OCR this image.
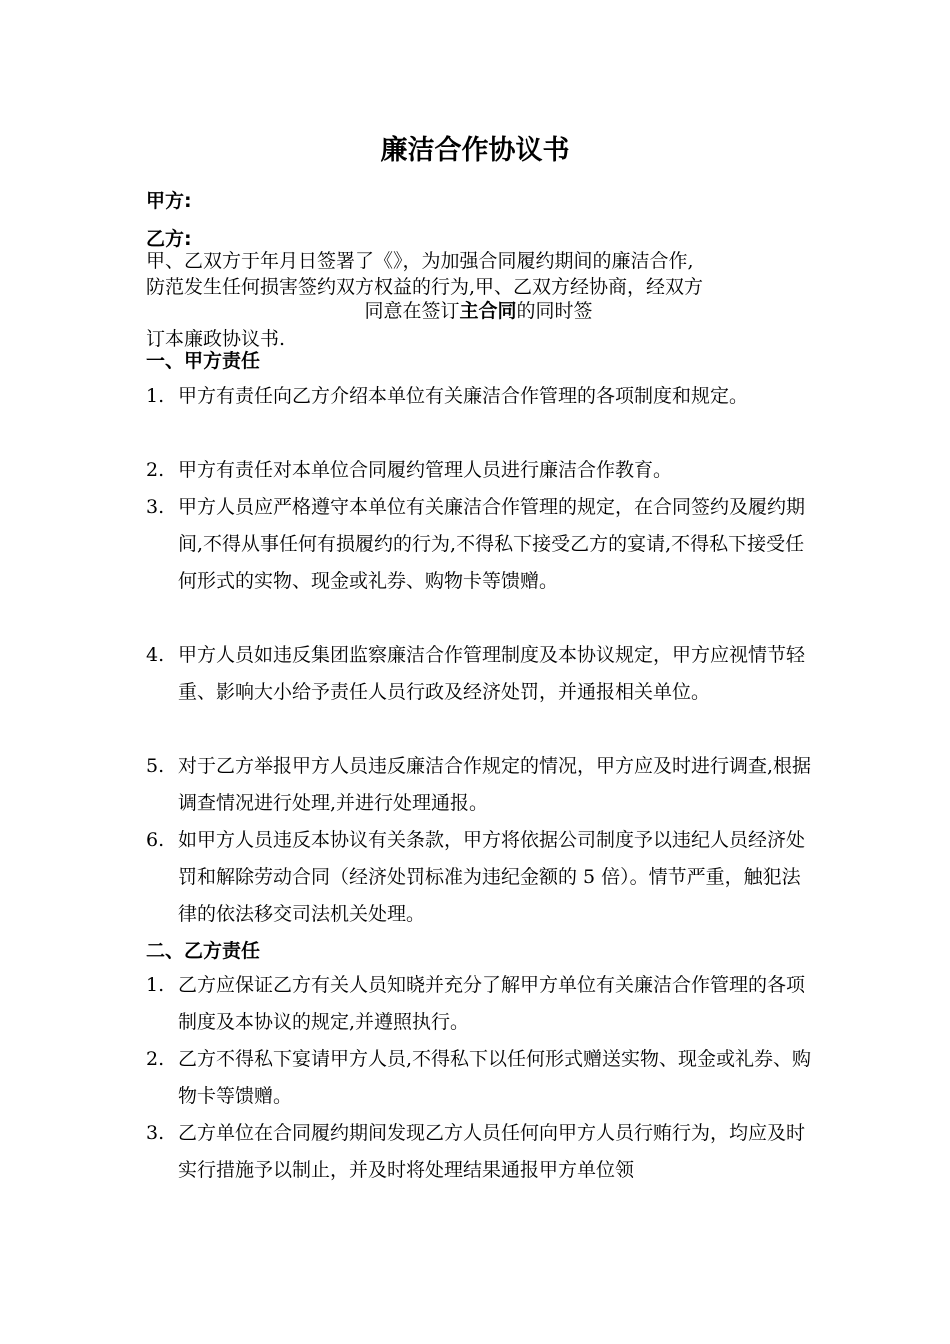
廉洁合作协议书
甲方:
乙方:
甲、乙双方于年月日签署了《》，为加强合同履约期间的廉洁合作,
防范发生任何损害签约双方权益的行为,甲、乙双方经协商，经双方
同意在签订主合同的同时签
订本廉政协议书.
一、甲方责任
1. 甲方有责任向乙方介绍本单位有关廉洁合作管理的各项制度和规定。
2. 甲方有责任对本单位合同履约管理人员进行廉洁合作教育。
3. 甲方人员应严格遵守本单位有关廉洁合作管理的规定，在合同签约及履约期间,不得从事任何有损履约的行为,不得私下接受乙方的宴请,不得私下接受任何形式的实物、现金或礼券、购物卡等馈赠。
4. 甲方人员如违反集团监察廉洁合作管理制度及本协议规定，甲方应视情节轻重、影响大小给予责任人员行政及经济处罚，并通报相关单位。
5. 对于乙方举报甲方人员违反廉洁合作规定的情况，甲方应及时进行调查,根据调查情况进行处理,并进行处理通报。
6. 如甲方人员违反本协议有关条款，甲方将依据公司制度予以违纪人员经济处罚和解除劳动合同（经济处罚标准为违纪金额的 5 倍）。情节严重，触犯法律的依法移交司法机关处理。
二、乙方责任
1. 乙方应保证乙方有关人员知晓并充分了解甲方单位有关廉洁合作管理的各项制度及本协议的规定,并遵照执行。
2. 乙方不得私下宴请甲方人员,不得私下以任何形式赠送实物、现金或礼券、购物卡等馈赠。
3. 乙方单位在合同履约期间发现乙方人员任何向甲方人员行贿行为，均应及时实行措施予以制止，并及时将处理结果通报甲方单位领
